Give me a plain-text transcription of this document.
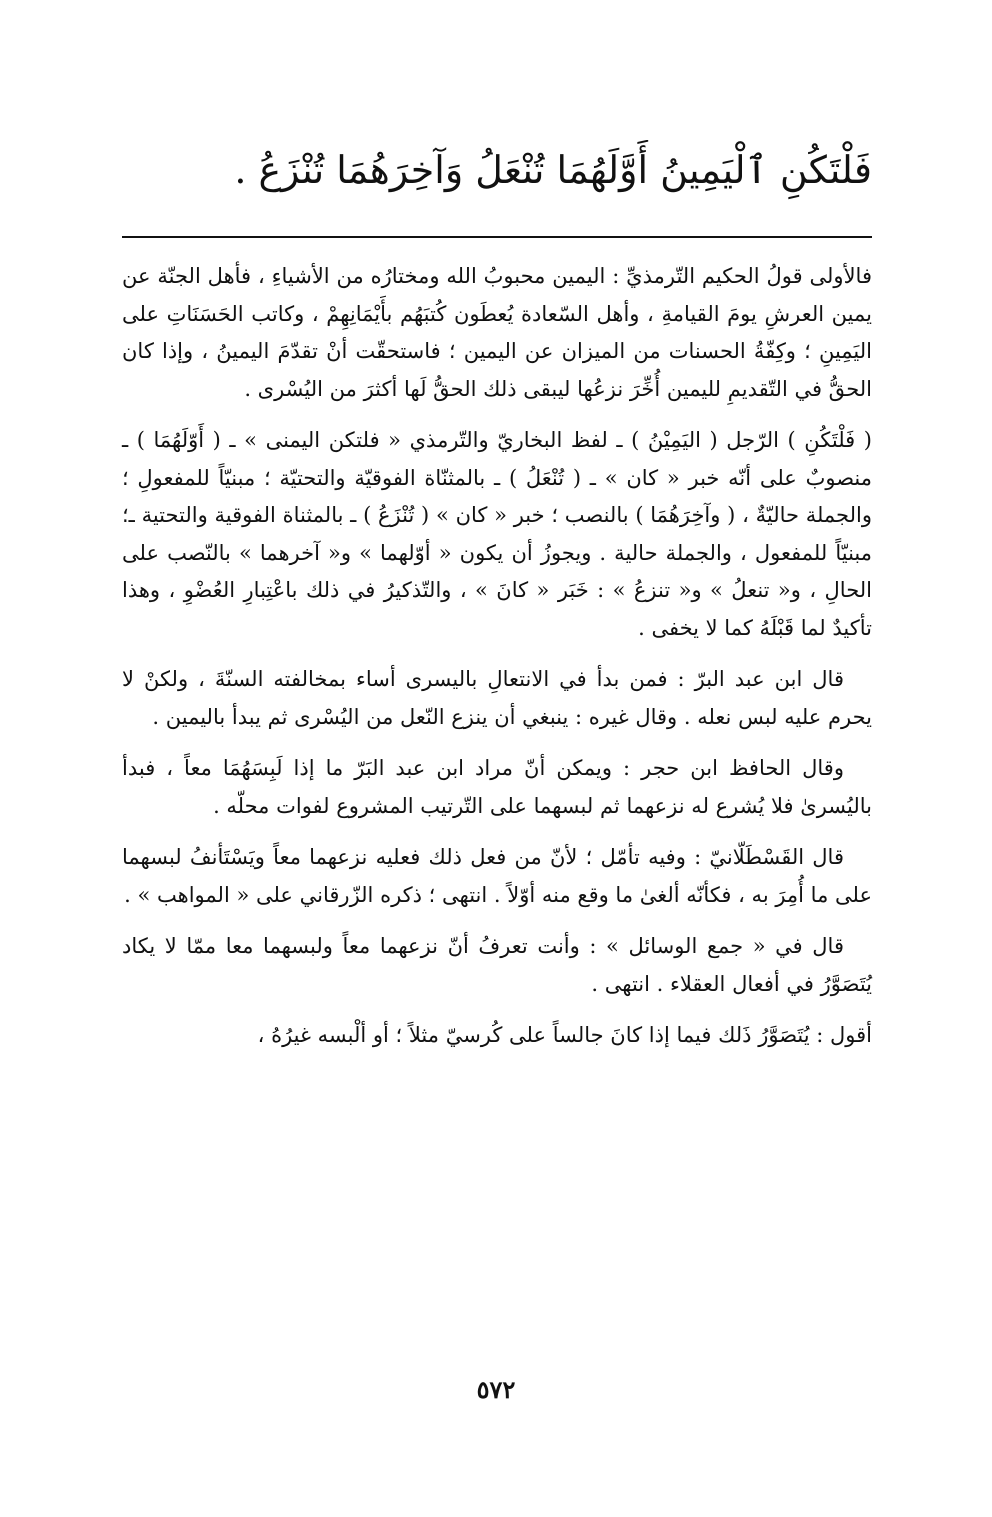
فَلْتَكُنِ ٱلْيَمِينُ أَوَّلَهُمَا تُنْعَلُ وَآخِرَهُمَا تُنْزَعُ .

فالأولى قولُ الحكيم التّرمذيِّ : اليمين محبوبُ الله ومختارُه من الأشياءِ ، فأهل الجنّة عن يمين العرشِ يومَ القيامةِ ، وأهل السّعادة يُعطَون كُتبَهُم بأَيْمَانِهِمْ ، وكاتب الحَسَنَاتِ على اليَمِينِ ؛ وكِفّةُ الحسنات من الميزان عن اليمين ؛ فاستحقّت أنْ تقدّمَ اليمينُ ، وإذا كان الحقُّ في التّقديمِ لليمين أُخِّرَ نزعُها ليبقى ذلك الحقُّ لَها أكثرَ من اليُسْرى .

( فَلْتَكُنِ ) الرّجل ( اليَمِيْنُ ) ـ لفظ البخاريّ والتّرمذي « فلتكن اليمنى » ـ ( أَوّلَهُمَا ) ـ منصوبٌ على أنّه خبر « كان » ـ ( تُنْعَلُ ) ـ بالمثنّاة الفوقيّة والتحتيّة ؛ مبنيّاً للمفعولِ ؛ والجملة حاليّةٌ ، ( وآخِرَهُمَا ) بالنصب ؛ خبر « كان » ( تُنْزَعُ ) ـ بالمثناة الفوقية والتحتية ـ؛ مبنيّاً للمفعول ، والجملة حالية . ويجوزُ أن يكون « أوّلهما » و« آخرهما » بالنّصب على الحالِ ، و« تنعلُ » و« تنزعُ » : خَبَر « كانَ » ، والتّذكيرُ في ذلك باعْتِبارِ العُضْوِ ، وهذا تأكيدٌ لما قَبْلَهُ كما لا يخفى .

قال ابن عبد البرّ : فمن بدأ في الانتعالِ باليسرى أساء بمخالفته السنّةَ ، ولكنْ لا يحرم عليه لبس نعله . وقال غيره : ينبغي أن ينزع النّعل من اليُسْرى ثم يبدأ باليمين .

وقال الحافظ ابن حجر : ويمكن أنّ مراد ابن عبد البَرّ ما إذا لَبِسَهُمَا معاً ، فبدأ باليُسرىٰ فلا يُشرع له نزعهما ثم لبسهما على التّرتيب المشروع لفوات محلّه .

قال القَسْطَلّانيّ : وفيه تأمّل ؛ لأنّ من فعل ذلك فعليه نزعهما معاً ويَسْتَأنفُ لبسهما على ما أُمِرَ به ، فكأنّه ألغىٰ ما وقع منه أوّلاً . انتهى ؛ ذكره الزّرقاني على « المواهب » .

قال في « جمع الوسائل » : وأنت تعرفُ أنّ نزعهما معاً ولبسهما معا ممّا لا يكاد يُتَصَوَّرُ في أفعال العقلاء . انتهى .

أقول : يُتَصَوَّرُ ذَلك فيما إذا كانَ جالساً على كُرسيّ مثلاً ؛ أو ألْبسه غيرُهُ ،

٥٧٢
